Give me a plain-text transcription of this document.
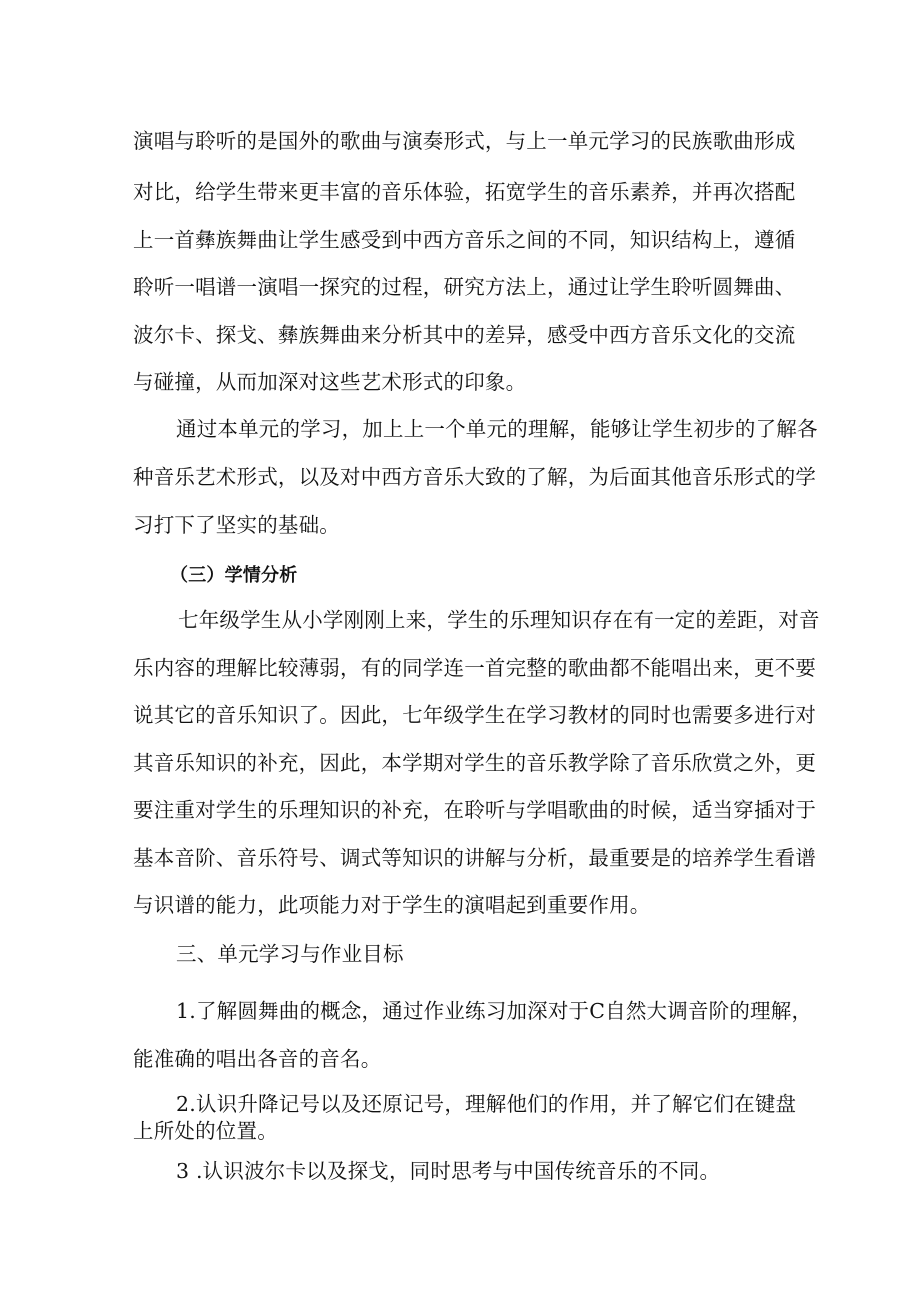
演唱与聆听的是国外的歌曲与演奏形式，与上一单元学习的民族歌曲形成
对比，给学生带来更丰富的音乐体验，拓宽学生的音乐素养，并再次搭配
上一首彝族舞曲让学生感受到中西方音乐之间的不同，知识结构上，遵循
聆听一唱谱一演唱一探究的过程，研究方法上，通过让学生聆听圆舞曲、
波尔卡、探戈、彝族舞曲来分析其中的差异，感受中西方音乐文化的交流
与碰撞，从而加深对这些艺术形式的印象。
通过本单元的学习，加上上一个单元的理解，能够让学生初步的了解各
种音乐艺术形式，以及对中西方音乐大致的了解，为后面其他音乐形式的学
习打下了坚实的基础。
（三）学情分析
七年级学生从小学刚刚上来，学生的乐理知识存在有一定的差距，对音
乐内容的理解比较薄弱，有的同学连一首完整的歌曲都不能唱出来，更不要
说其它的音乐知识了。因此，七年级学生在学习教材的同时也需要多进行对
其音乐知识的补充，因此，本学期对学生的音乐教学除了音乐欣赏之外，更
要注重对学生的乐理知识的补充，在聆听与学唱歌曲的时候，适当穿插对于
基本音阶、音乐符号、调式等知识的讲解与分析，最重要是的培养学生看谱
与识谱的能力，此项能力对于学生的演唱起到重要作用。
三、单元学习与作业目标
1.了解圆舞曲的概念，通过作业练习加深对于C自然大调音阶的理解，
能准确的唱出各音的音名。
2.认识升降记号以及还原记号，理解他们的作用，并了解它们在键盘
上所处的位置。
3 .认识波尔卡以及探戈，同时思考与中国传统音乐的不同。
